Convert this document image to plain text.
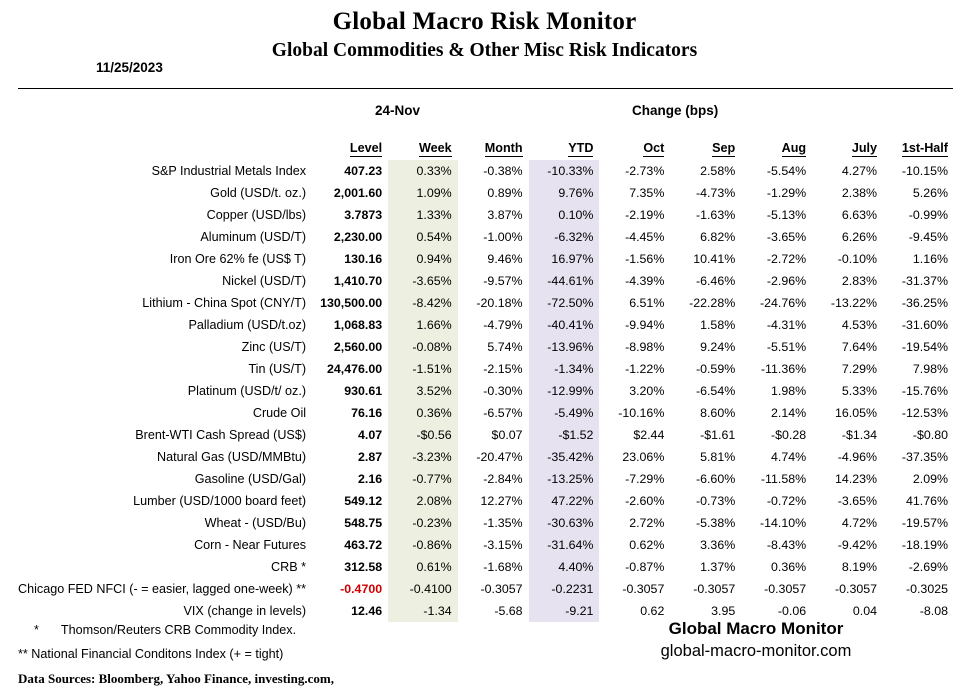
Global Macro Risk Monitor
Global Commodities & Other Misc Risk Indicators
11/25/2023
24-Nov	Change (bps)
	Level	Week	Month	YTD	Oct	Sep	Aug	July	1st-Half
S&P Industrial Metals Index	407.23	0.33%	-0.38%	-10.33%	-2.73%	2.58%	-5.54%	4.27%	-10.15%
Gold (USD/t. oz.)	2,001.60	1.09%	0.89%	9.76%	7.35%	-4.73%	-1.29%	2.38%	5.26%
Copper (USD/lbs)	3.7873	1.33%	3.87%	0.10%	-2.19%	-1.63%	-5.13%	6.63%	-0.99%
Aluminum (USD/T)	2,230.00	0.54%	-1.00%	-6.32%	-4.45%	6.82%	-3.65%	6.26%	-9.45%
Iron Ore 62% fe (US$ T)	130.16	0.94%	9.46%	16.97%	-1.56%	10.41%	-2.72%	-0.10%	1.16%
Nickel (USD/T)	1,410.70	-3.65%	-9.57%	-44.61%	-4.39%	-6.46%	-2.96%	2.83%	-31.37%
Lithium - China Spot (CNY/T)	130,500.00	-8.42%	-20.18%	-72.50%	6.51%	-22.28%	-24.76%	-13.22%	-36.25%
Palladium (USD/t.oz)	1,068.83	1.66%	-4.79%	-40.41%	-9.94%	1.58%	-4.31%	4.53%	-31.60%
Zinc (US/T)	2,560.00	-0.08%	5.74%	-13.96%	-8.98%	9.24%	-5.51%	7.64%	-19.54%
Tin (US/T)	24,476.00	-1.51%	-2.15%	-1.34%	-1.22%	-0.59%	-11.36%	7.29%	7.98%
Platinum (USD/t/ oz.)	930.61	3.52%	-0.30%	-12.99%	3.20%	-6.54%	1.98%	5.33%	-15.76%
Crude Oil	76.16	0.36%	-6.57%	-5.49%	-10.16%	8.60%	2.14%	16.05%	-12.53%
Brent-WTI Cash Spread (US$)	4.07	-$0.56	$0.07	-$1.52	$2.44	-$1.61	-$0.28	-$1.34	-$0.80
Natural Gas (USD/MMBtu)	2.87	-3.23%	-20.47%	-35.42%	23.06%	5.81%	4.74%	-4.96%	-37.35%
Gasoline (USD/Gal)	2.16	-0.77%	-2.84%	-13.25%	-7.29%	-6.60%	-11.58%	14.23%	2.09%
Lumber (USD/1000 board feet)	549.12	2.08%	12.27%	47.22%	-2.60%	-0.73%	-0.72%	-3.65%	41.76%
Wheat - (USD/Bu)	548.75	-0.23%	-1.35%	-30.63%	2.72%	-5.38%	-14.10%	4.72%	-19.57%
Corn - Near Futures	463.72	-0.86%	-3.15%	-31.64%	0.62%	3.36%	-8.43%	-9.42%	-18.19%
CRB *	312.58	0.61%	-1.68%	4.40%	-0.87%	1.37%	0.36%	8.19%	-2.69%
Chicago FED NFCI (- = easier, lagged one-week) **	-0.4700	-0.4100	-0.3057	-0.2231	-0.3057	-0.3057	-0.3057	-0.3057	-0.3025
VIX (change in levels)	12.46	-1.34	-5.68	-9.21	0.62	3.95	-0.06	0.04	-8.08
* Thomson/Reuters CRB Commodity Index.
** National Financial Conditons Index (+ = tight)
Data Sources: Bloomberg, Yahoo Finance, investing.com,
Global Macro Monitor
global-macro-monitor.com
